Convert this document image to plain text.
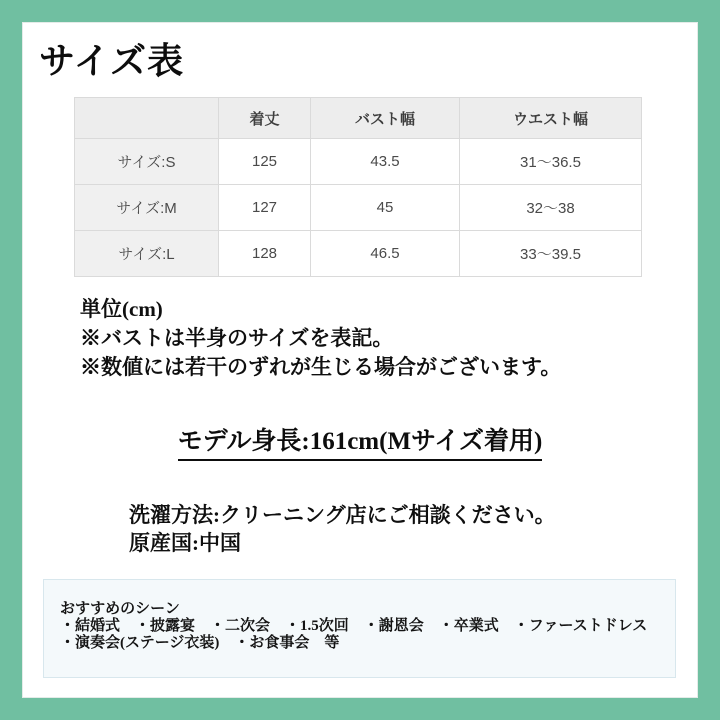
サイズ表
	着丈	バスト幅	ウエスト幅
サイズ:S	125	43.5	31〜36.5
サイズ:M	127	45	32〜38
サイズ:L	128	46.5	33〜39.5
単位(cm)
※バストは半身のサイズを表記。
※数値には若干のずれが生じる場合がございます。
モデル身長:161cm(Mサイズ着用)
洗濯方法:クリーニング店にご相談ください。
原産国:中国
おすすめのシーン
・結婚式　・披露宴　・二次会　・1.5次回　・謝恩会　・卒業式　・ファーストドレス
・演奏会(ステージ衣装)　・お食事会　等
